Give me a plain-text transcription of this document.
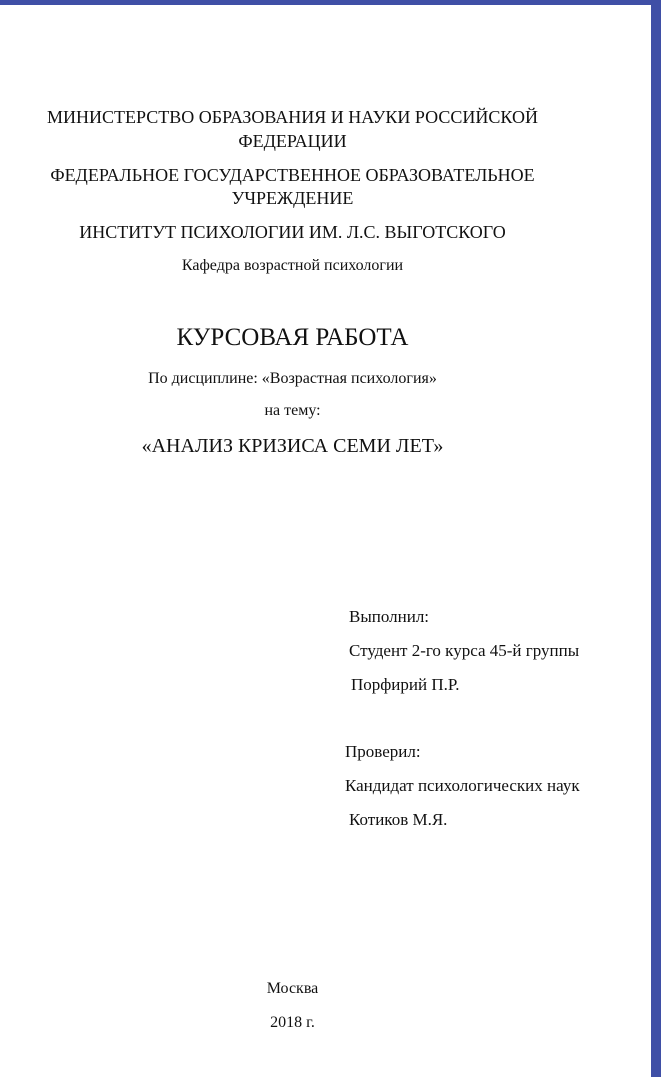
МИНИСТЕРСТВО ОБРАЗОВАНИЯ И НАУКИ РОССИЙСКОЙ
ФЕДЕРАЦИИ
ФЕДЕРАЛЬНОЕ ГОСУДАРСТВЕННОЕ ОБРАЗОВАТЕЛЬНОЕ
УЧРЕЖДЕНИЕ
ИНСТИТУТ ПСИХОЛОГИИ ИМ. Л.С. ВЫГОТСКОГО
Кафедра возрастной психологии
КУРСОВАЯ РАБОТА
По дисциплине: «Возрастная психология»
на тему:
«АНАЛИЗ КРИЗИСА СЕМИ ЛЕТ»
Выполнил:
Студент 2-го курса 45-й группы
Порфирий П.Р.
Проверил:
Кандидат психологических наук
Котиков М.Я.
Москва
2018 г.
